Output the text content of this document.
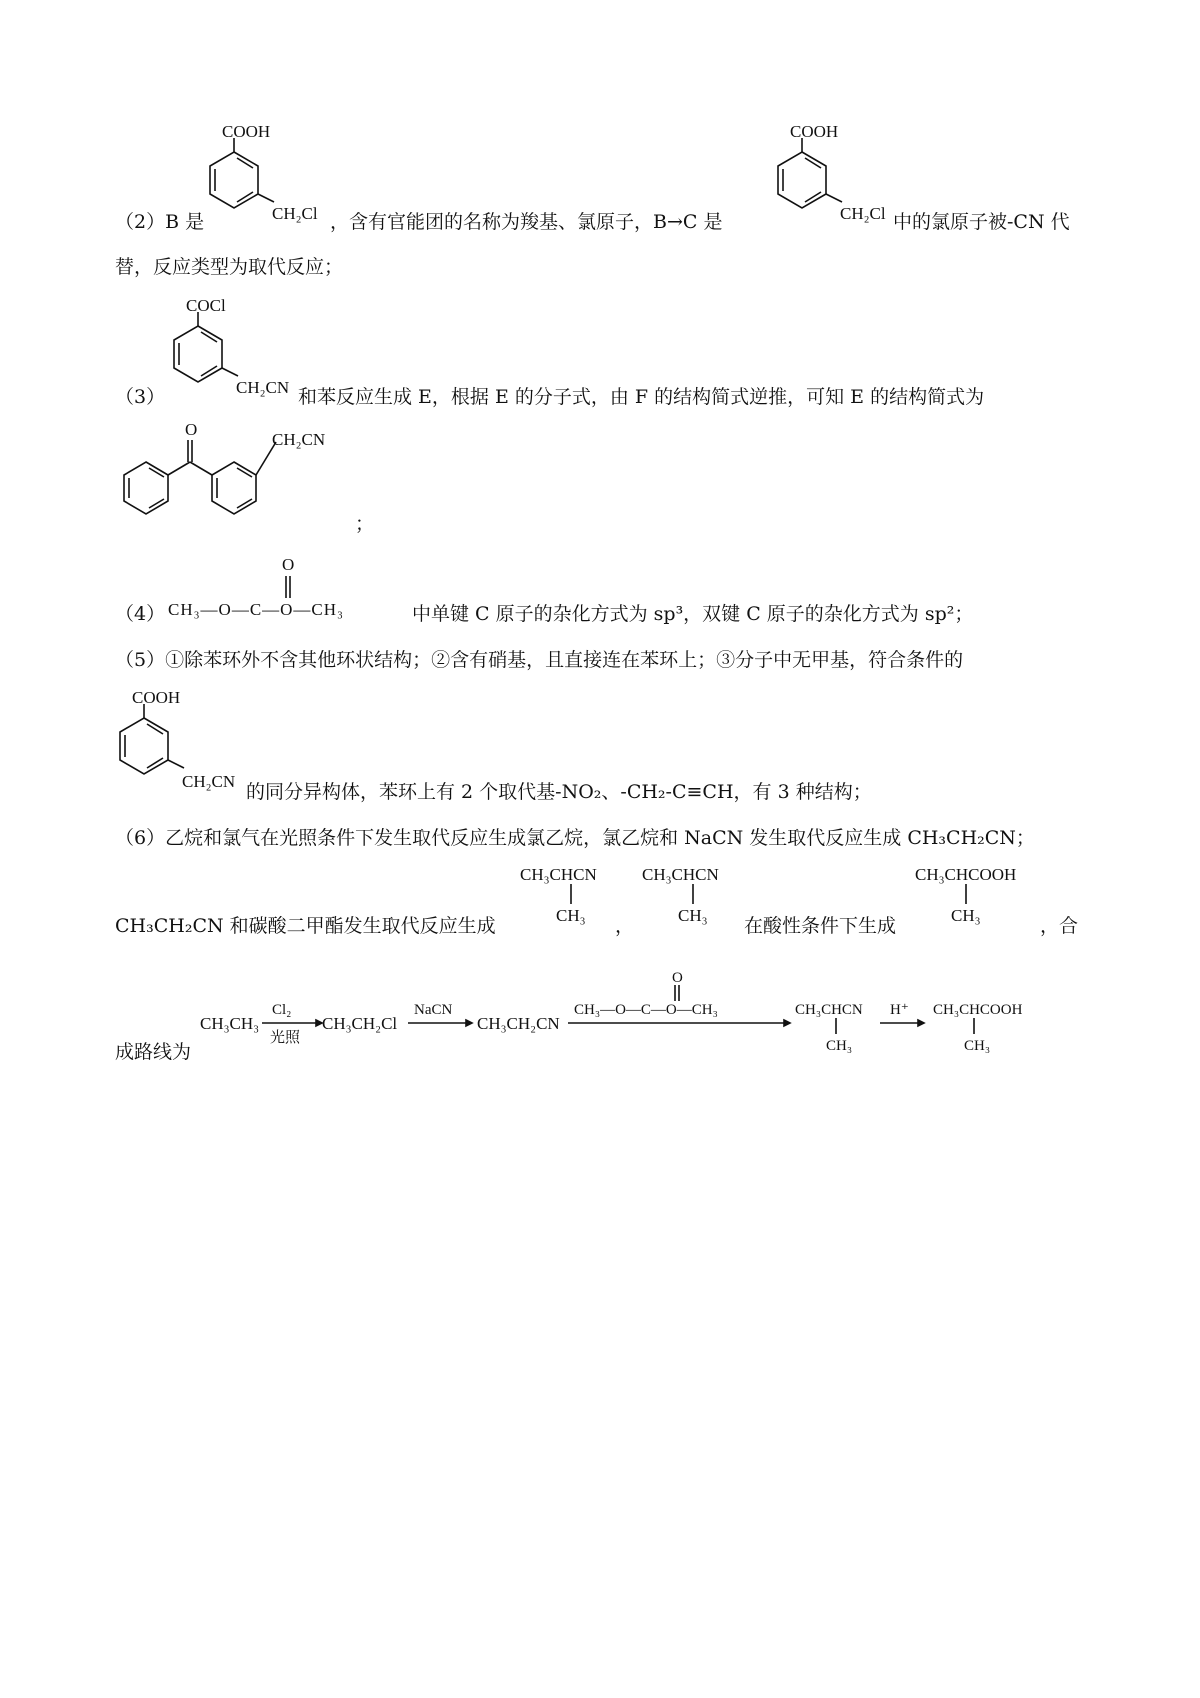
COOH
CH₂Cl
（2）B 是	，含有官能团的名称为羧基、氯原子，B→C 是
COOH
CH₂Cl 中的氯原子被-CN 代
替，反应类型为取代反应；
COCl
CH₂CN
（3）	和苯反应生成 E，根据 E 的分子式，由 F 的结构简式逆推，可知 E 的结构简式为
O
CH₂CN
；
O
CH₃—O—C—O—CH₃
（4）	中单键 C 原子的杂化方式为 sp³，双键 C 原子的杂化方式为 sp²；
（5）①除苯环外不含其他环状结构；②含有硝基，且直接连在苯环上；③分子中无甲基，符合条件的
COOH
CH₂CN 的同分异构体，苯环上有 2 个取代基-NO₂、-CH₂-C≡CH，有 3 种结构；
（6）乙烷和氯气在光照条件下发生取代反应生成氯乙烷，氯乙烷和 NaCN 发生取代反应生成 CH₃CH₂CN；
CH₃CHCN
CH₃
CH₃CHCN
CH₃
CH₃CHCOOH
CH₃
CH₃CH₂CN 和碳酸二甲酯发生取代反应生成	，	在酸性条件下生成	，合
成路线为
CH₃CH₃
Cl₂
光照
CH₃CH₂Cl
NaCN
CH₃CH₂CN
O
CH₃—O—C—O—CH₃	CH₃CHCN
CH₃
H⁺ CH₃CHCOOH
CH₃
